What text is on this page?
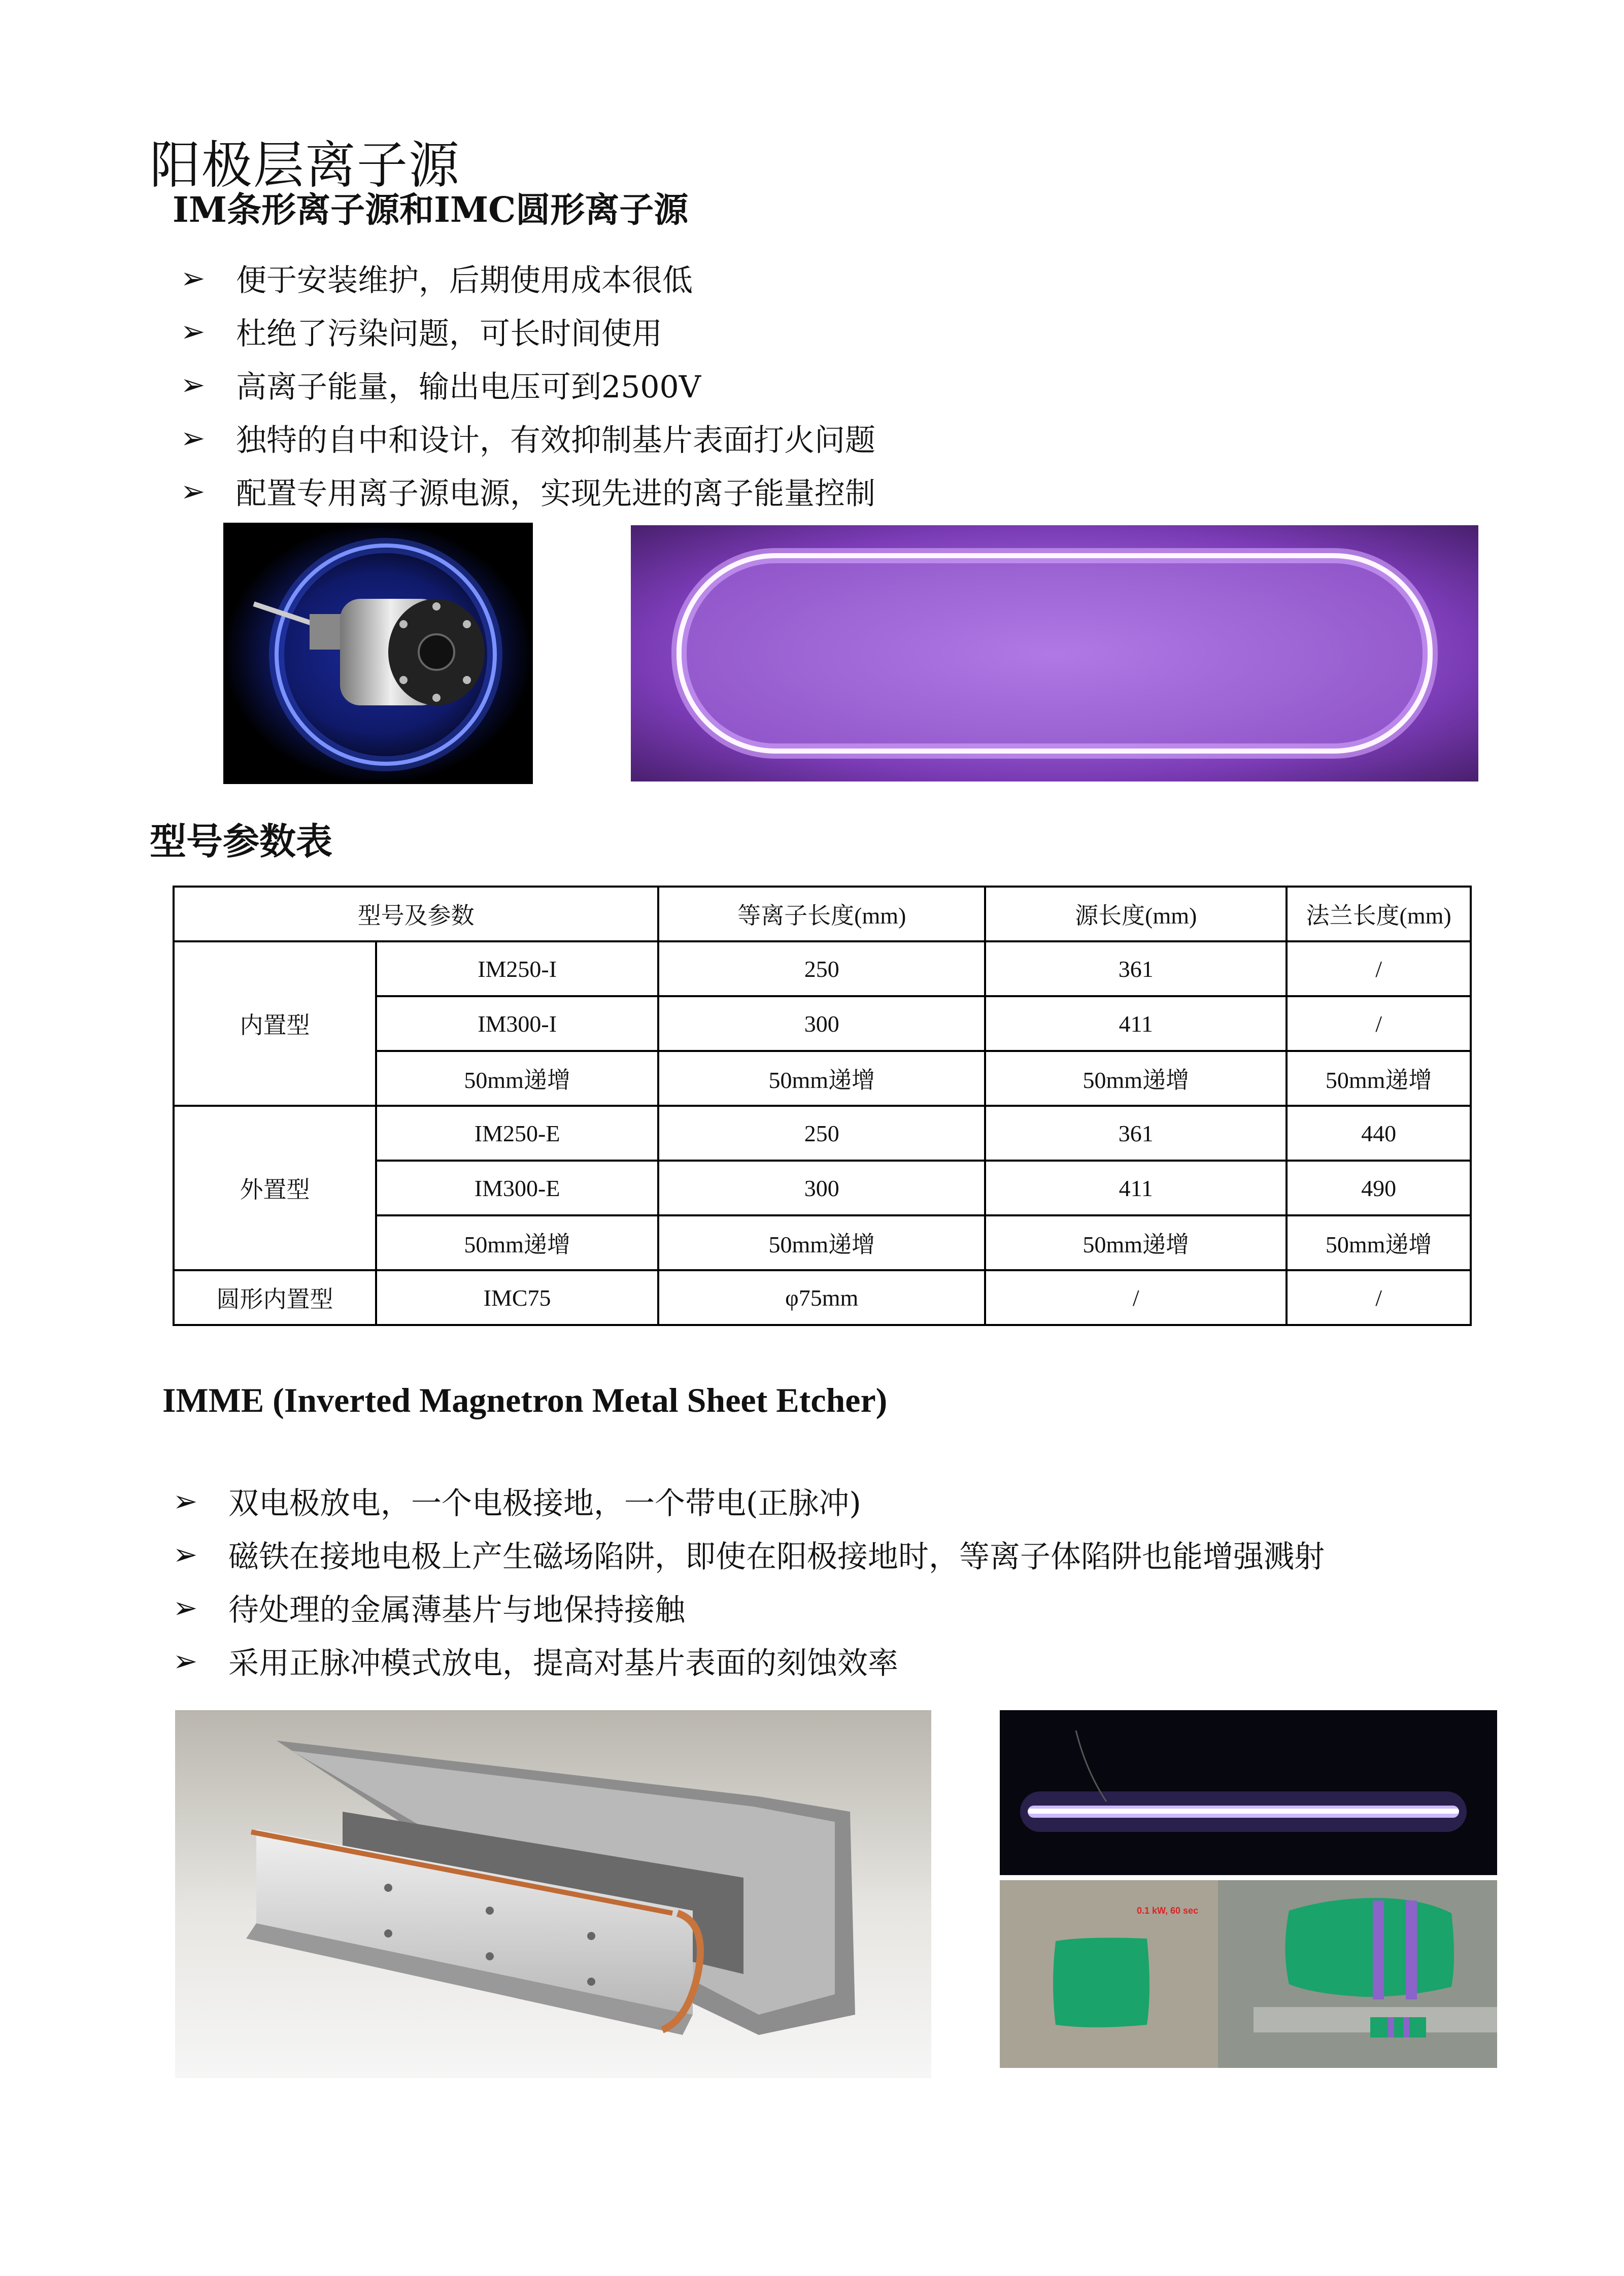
阳极层离子源
IM条形离子源和IMC圆形离子源
➢ 便于安装维护，后期使用成本很低
➢ 杜绝了污染问题，可长时间使用
➢ 高离子能量，输出电压可到2500V
➢ 独特的自中和设计，有效抑制基片表面打火问题
➢ 配置专用离子源电源，实现先进的离子能量控制
型号参数表
型号及参数		等离子长度(mm)	源长度(mm)	法兰长度(mm)
内置型	IM250-I	250	361	/
	IM300-I	300	411	/
	50mm递增	50mm递增	50mm递增	50mm递增
外置型	IM250-E	250	361	440
	IM300-E	300	411	490
	50mm递增	50mm递增	50mm递增	50mm递增
圆形内置型	IMC75	φ75mm	/	/
IMME (Inverted Magnetron Metal Sheet Etcher)
➢ 双电极放电，一个电极接地，一个带电(正脉冲)
➢ 磁铁在接地电极上产生磁场陷阱，即使在阳极接地时，等离子体陷阱也能增强溅射
➢ 待处理的金属薄基片与地保持接触
➢ 采用正脉冲模式放电，提高对基片表面的刻蚀效率
0.1 kW, 60 sec
